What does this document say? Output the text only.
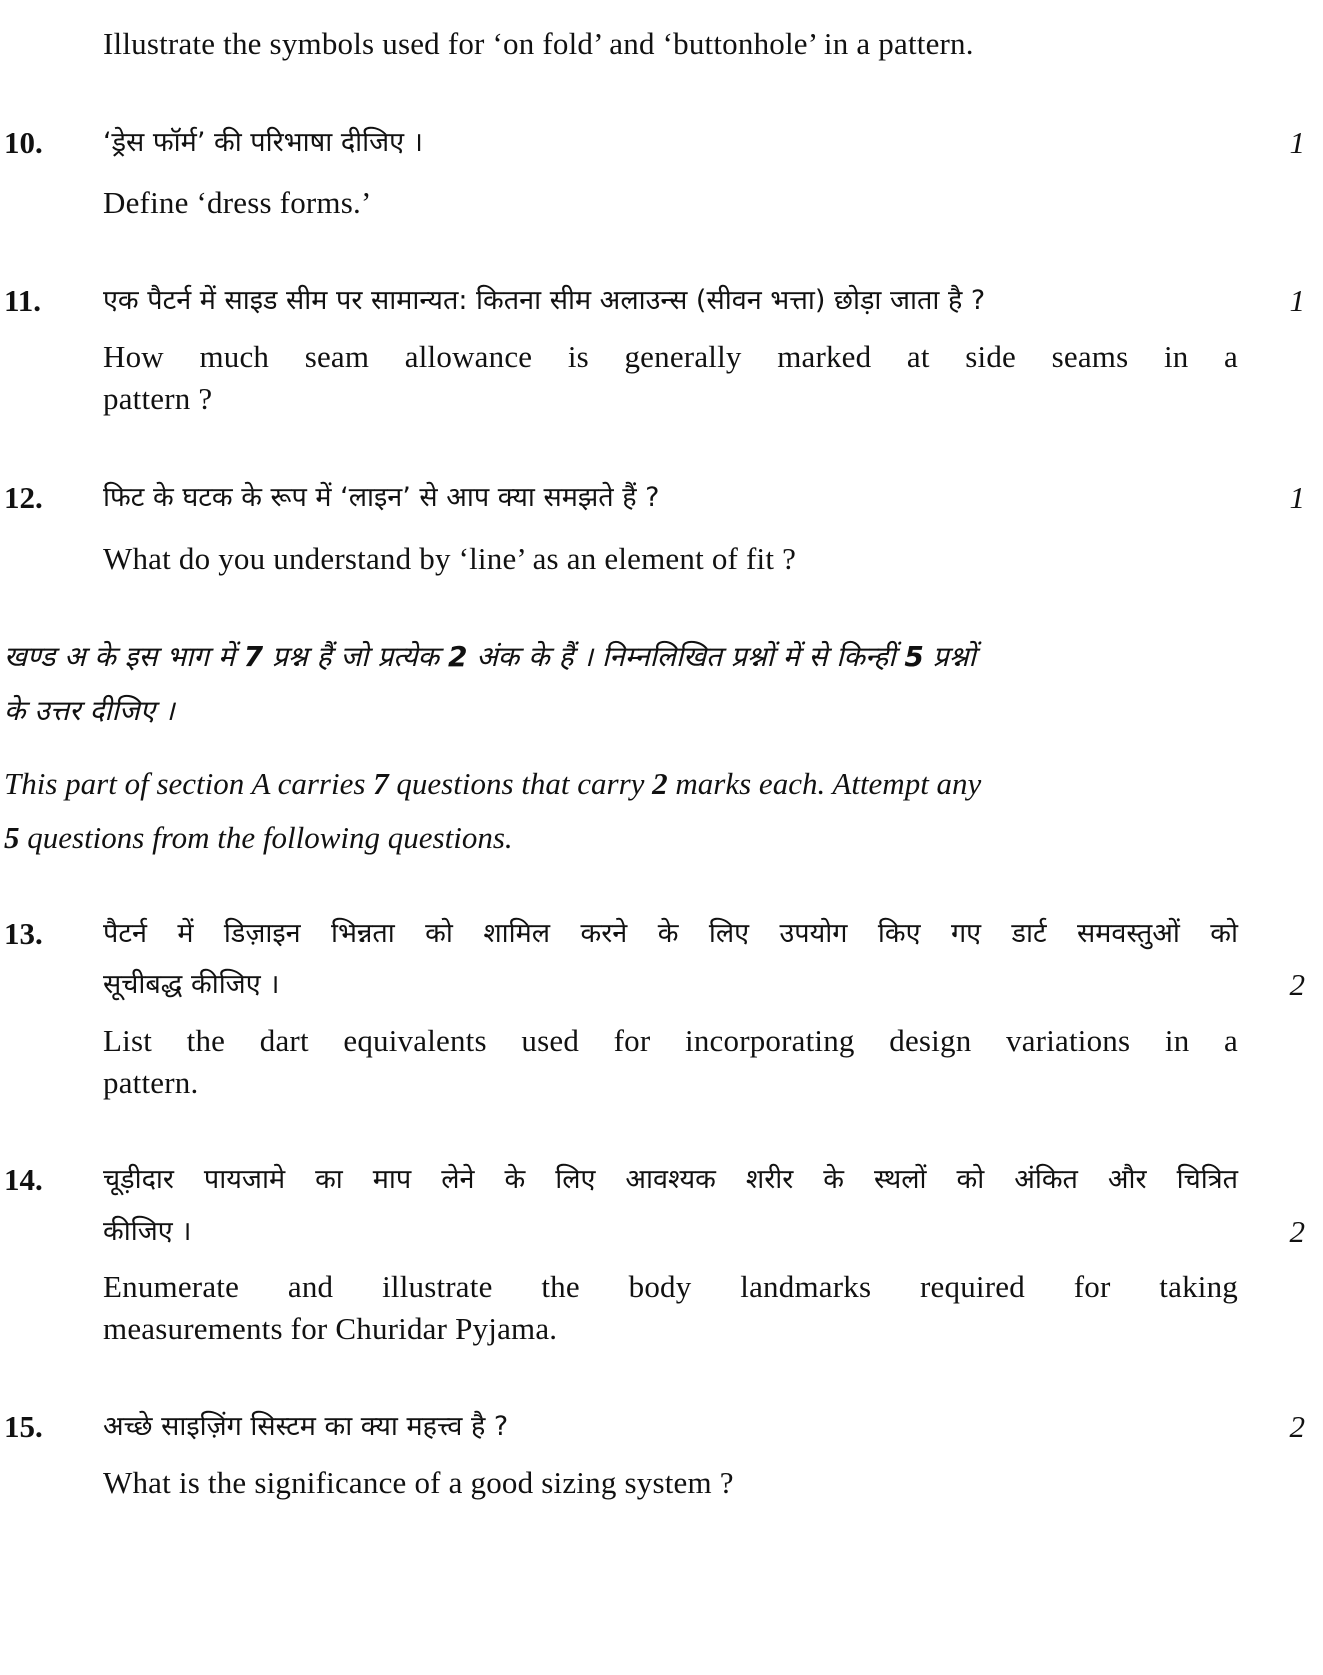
Illustrate the symbols used for ‘on fold’ and ‘buttonhole’ in a pattern.
10. ‘ड्रेस फॉर्म’ की परिभाषा दीजिए ।	1
Define ‘dress forms.’
11. एक पैटर्न में साइड सीम पर सामान्यत: कितना सीम अलाउन्स (सीवन भत्ता) छोड़ा जाता है ?	1
How much seam allowance is generally marked at side seams in a
pattern ?
12. फिट के घटक के रूप में ‘लाइन’ से आप क्या समझते हैं ?	1
What do you understand by ‘line’ as an element of fit ?
खण्ड अ के इस भाग में 7 प्रश्न हैं जो प्रत्येक 2 अंक के हैं । निम्नलिखित प्रश्नों में से किन्हीं 5 प्रश्नों
के उत्तर दीजिए ।
This part of section A carries 7 questions that carry 2 marks each. Attempt any
5 questions from the following questions.
13. पैटर्न में डिज़ाइन भिन्नता को शामिल करने के लिए उपयोग किए गए डार्ट समवस्तुओं को
सूचीबद्ध कीजिए ।	2
List the dart equivalents used for incorporating design variations in a
pattern.
14. चूड़ीदार पायजामे का माप लेने के लिए आवश्यक शरीर के स्थलों को अंकित और चित्रित
कीजिए ।	2
Enumerate and illustrate the body landmarks required for taking
measurements for Churidar Pyjama.
15. अच्छे साइज़िंग सिस्टम का क्या महत्त्व है ?	2
What is the significance of a good sizing system ?
